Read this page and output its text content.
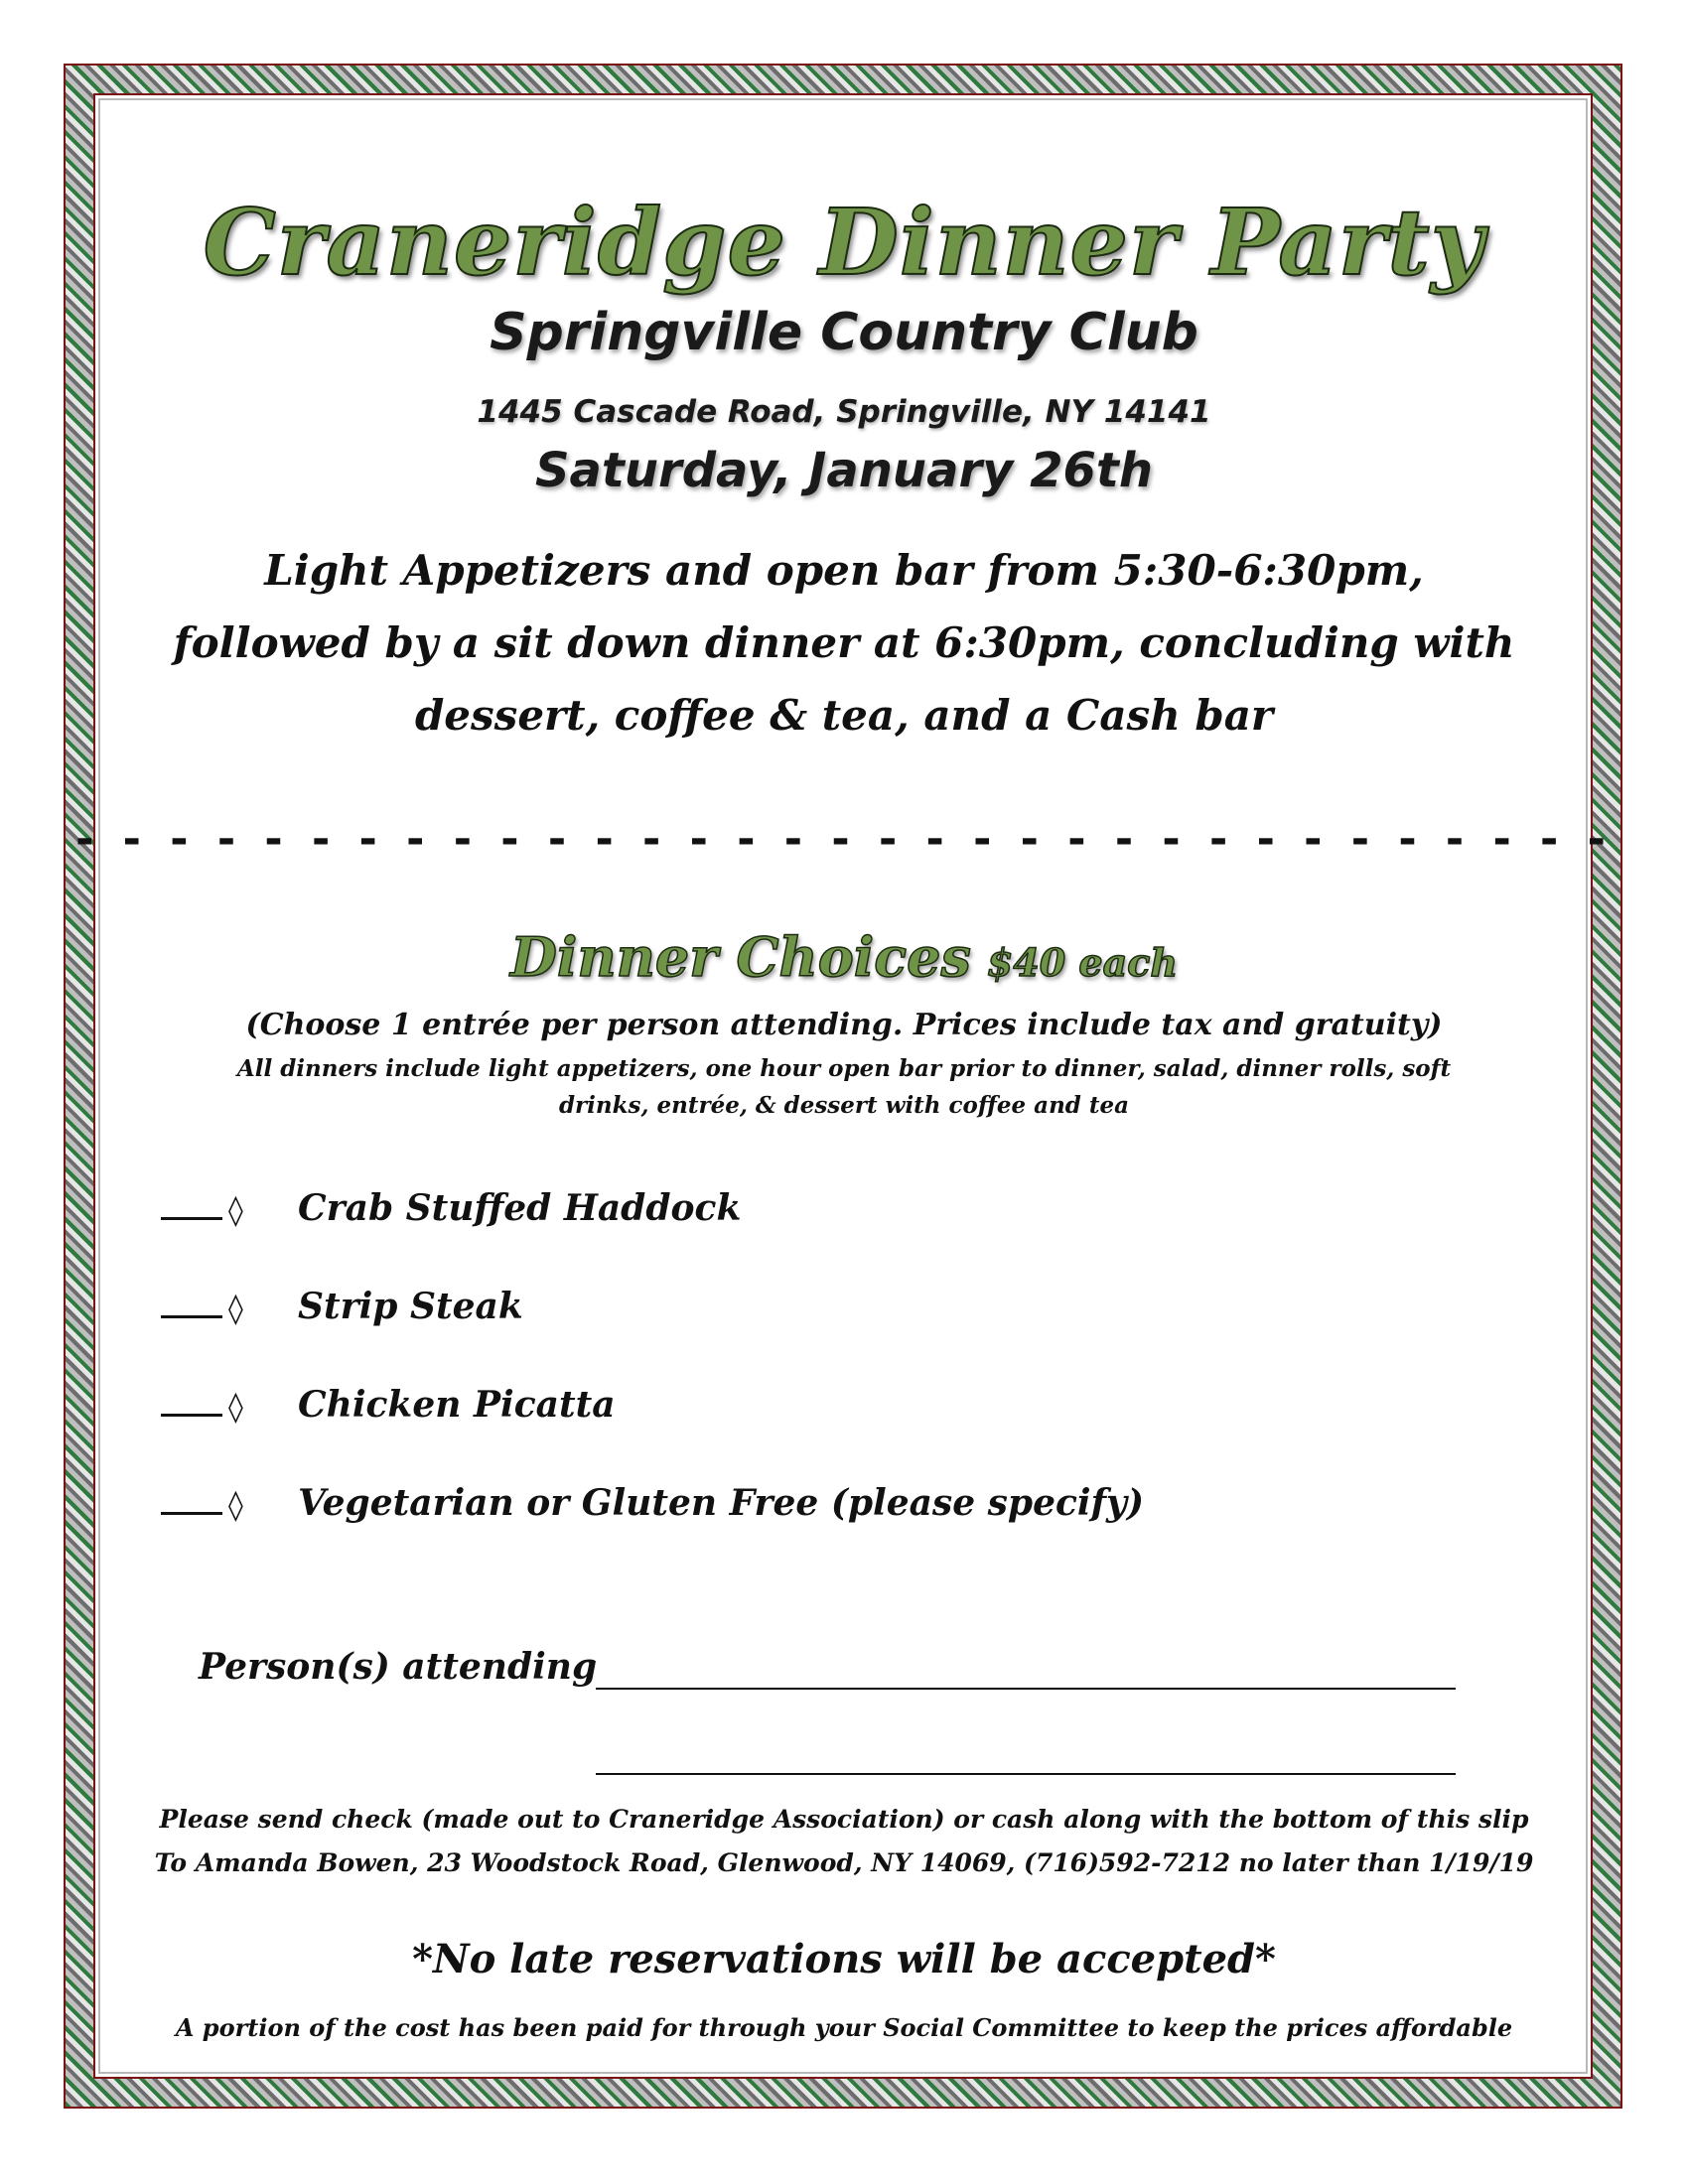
Craneridge Dinner Party
Springville Country Club
1445 Cascade Road, Springville, NY 14141
Saturday, January 26th
Light Appetizers and open bar from 5:30-6:30pm,
followed by a sit down dinner at 6:30pm, concluding with
dessert, coffee & tea, and a Cash bar
- - - - - - - - - - - - - - - - - - - - - - - - - - - - - - - - -
Dinner Choices $40 each
(Choose 1 entrée per person attending. Prices include tax and gratuity)
All dinners include light appetizers, one hour open bar prior to dinner, salad, dinner rolls, soft
drinks, entrée, & dessert with coffee and tea
◊	Crab Stuffed Haddock
◊	Strip Steak
◊	Chicken Picatta
◊	Vegetarian or Gluten Free (please specify)
Person(s) attending
Please send check (made out to Craneridge Association) or cash along with the bottom of this slip
To Amanda Bowen, 23 Woodstock Road, Glenwood, NY 14069, (716)592-7212 no later than 1/19/19
*No late reservations will be accepted*
A portion of the cost has been paid for through your Social Committee to keep the prices affordable
